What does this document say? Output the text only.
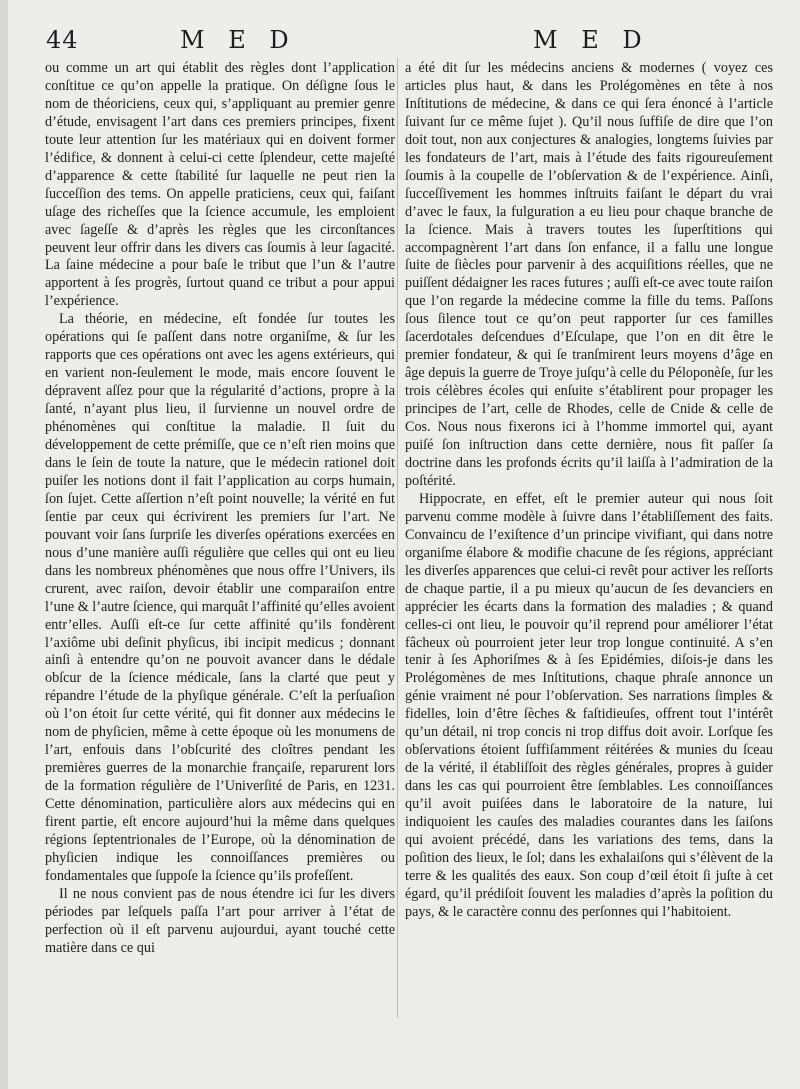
44	M E D	M E D

ou comme un art qui établit des règles dont l’application conſtitue ce qu’on appelle la pratique. On déſigne ſous le nom de théoriciens, ceux qui, s’appliquant au premier genre d’étude, envisagent l’art dans ces premiers principes, fixent toute leur attention ſur les matériaux qui en doivent former l’édifice, & donnent à celui-ci cette ſplendeur, cette majeſté d’apparence & cette ſtabilité ſur laquelle ne peut rien la ſucceſſion des tems. On appelle praticiens, ceux qui, faiſant uſage des richeſſes que la ſcience accumule, les emploient avec ſageſſe & d’après les règles que les circonſtances peuvent leur offrir dans les divers cas ſoumis à leur ſagacité. La ſaine médecine a pour baſe le tribut que l’un & l’autre apportent à ſes progrès, ſurtout quand ce tribut a pour appui l’expérience.

La théorie, en médecine, eſt fondée ſur toutes les opérations qui ſe paſſent dans notre organiſme, & ſur les rapports que ces opérations ont avec les agens extérieurs, qui en varient non-ſeulement le mode, mais encore ſouvent le dépravent aſſez pour que la régularité d’actions, propre à la ſanté, n’ayant plus lieu, il ſurvienne un nouvel ordre de phénomènes qui conſtitue la maladie. Il ſuit du développement de cette prémiſſe, que ce n’eſt rien moins que dans le ſein de toute la nature, que le médecin rationel doit puiſer les notions dont il fait l’application au corps humain, ſon ſujet. Cette aſſertion n’eſt point nouvelle; la vérité en fut ſentie par ceux qui écrivirent les premiers ſur l’art. Ne pouvant voir ſans ſurpriſe les diverſes opérations exercées en nous d’une manière auſſi régulière que celles qui ont eu lieu dans les nombreux phénomènes que nous offre l’Univers, ils crurent, avec raiſon, devoir établir une comparaiſon entre l’une & l’autre ſcience, qui marquât l’affinité qu’elles avoient entr’elles. Auſſi eſt-ce ſur cette affinité qu’ils fondèrent l’axiôme ubi deſinit phyſicus, ibi incipit medicus ; donnant ainſi à entendre qu’on ne pouvoit avancer dans le dédale obſcur de la ſcience médicale, ſans la clarté que peut y répandre l’étude de la phyſique générale. C’eſt la perſuaſion où l’on étoit ſur cette vérité, qui fit donner aux médecins le nom de phyſicien, même à cette époque où les monumens de l’art, enfouis dans l’obſcurité des cloîtres pendant les premières guerres de la monarchie françaiſe, reparurent lors de la formation régulière de l’Univerſité de Paris, en 1231. Cette dénomination, particulière alors aux médecins qui en firent partie, eſt encore aujourd’hui la même dans quelques régions ſeptentrionales de l’Europe, où la dénomination de phyſicien indique les connoiſſances premières ou fondamentales que ſuppoſe la ſcience qu’ils profeſſent.

Il ne nous convient pas de nous étendre ici ſur les divers périodes par leſquels paſſa l’art pour arriver à l’état de perfection où il eſt parvenu aujourdui, ayant touché cette matière dans ce qui

a été dit ſur les médecins anciens & modernes ( voyez ces articles plus haut, & dans les Prolégomènes en tête à nos Inſtitutions de médecine, & dans ce qui ſera énoncé à l’article ſuivant ſur ce même ſujet ). Qu’il nous ſuffiſe de dire que l’on doit tout, non aux conjectures & analogies, longtems ſuivies par les fondateurs de l’art, mais à l’étude des faits rigoureuſement ſoumis à la coupelle de l’obſervation & de l’expérience. Ainſi, ſucceſſivement les hommes inſtruits faiſant le départ du vrai d’avec le faux, la fulguration a eu lieu pour chaque branche de la ſcience. Mais à travers toutes les ſuperſtitions qui accompagnèrent l’art dans ſon enfance, il a fallu une longue ſuite de ſiècles pour parvenir à des acquiſitions réelles, que ne puiſſent dédaigner les races futures ; auſſi eſt-ce avec toute raiſon que l’on regarde la médecine comme la fille du tems. Paſſons ſous ſilence tout ce qu’on peut rapporter ſur ces familles ſacerdotales deſcendues d’Eſculape, que l’on en dit être le premier fondateur, & qui ſe tranſmirent leurs moyens d’âge en âge depuis la guerre de Troye juſqu’à celle du Péloponèſe, ſur les trois célèbres écoles qui enſuite s’établirent pour propager les principes de l’art, celle de Rhodes, celle de Cnide & celle de Cos. Nous nous fixerons ici à l’homme immortel qui, ayant puiſé ſon inſtruction dans cette dernière, nous fit paſſer ſa doctrine dans les profonds écrits qu’il laiſſa à l’admiration de la poſtérité.

Hippocrate, en effet, eſt le premier auteur qui nous ſoit parvenu comme modèle à ſuivre dans l’établiſſement des faits. Convaincu de l’exiſtence d’un principe vivifiant, qui dans notre organiſme élabore & modifie chacune de ſes régions, appréciant les diverſes apparences que celui-ci revêt pour activer les reſſorts de chaque partie, il a pu mieux qu’aucun de ſes devanciers en apprécier les écarts dans la formation des maladies ; & quand celles-ci ont lieu, le pouvoir qu’il reprend pour améliorer l’état fâcheux où pourroient jeter leur trop longue continuité. A s’en tenir à ſes Aphoriſmes & à ſes Epidémies, diſois-je dans les Prolégomènes de mes Inſtitutions, chaque phraſe annonce un génie vraiment né pour l’obſervation. Ses narrations ſimples & fidelles, loin d’être ſèches & faſtidieuſes, offrent tout l’intérêt qu’un détail, ni trop concis ni trop diffus doit avoir. Lorſque ſes obſervations étoient ſuffiſamment réitérées & munies du ſceau de la vérité, il établiſſoit des règles générales, propres à guider dans les cas qui pourroient être ſemblables. Les connoiſſances qu’il avoit puiſées dans le laboratoire de la nature, lui indiquoient les cauſes des maladies courantes dans les ſaiſons qui avoient précédé, dans les variations des tems, dans la poſition des lieux, le ſol; dans les exhalaiſons qui s’élèvent de la terre & les qualités des eaux. Son coup d’œil étoit ſi juſte à cet égard, qu’il prédiſoit ſouvent les maladies d’après la poſition du pays, & le caractère connu des perſonnes qui l’habitoient.
